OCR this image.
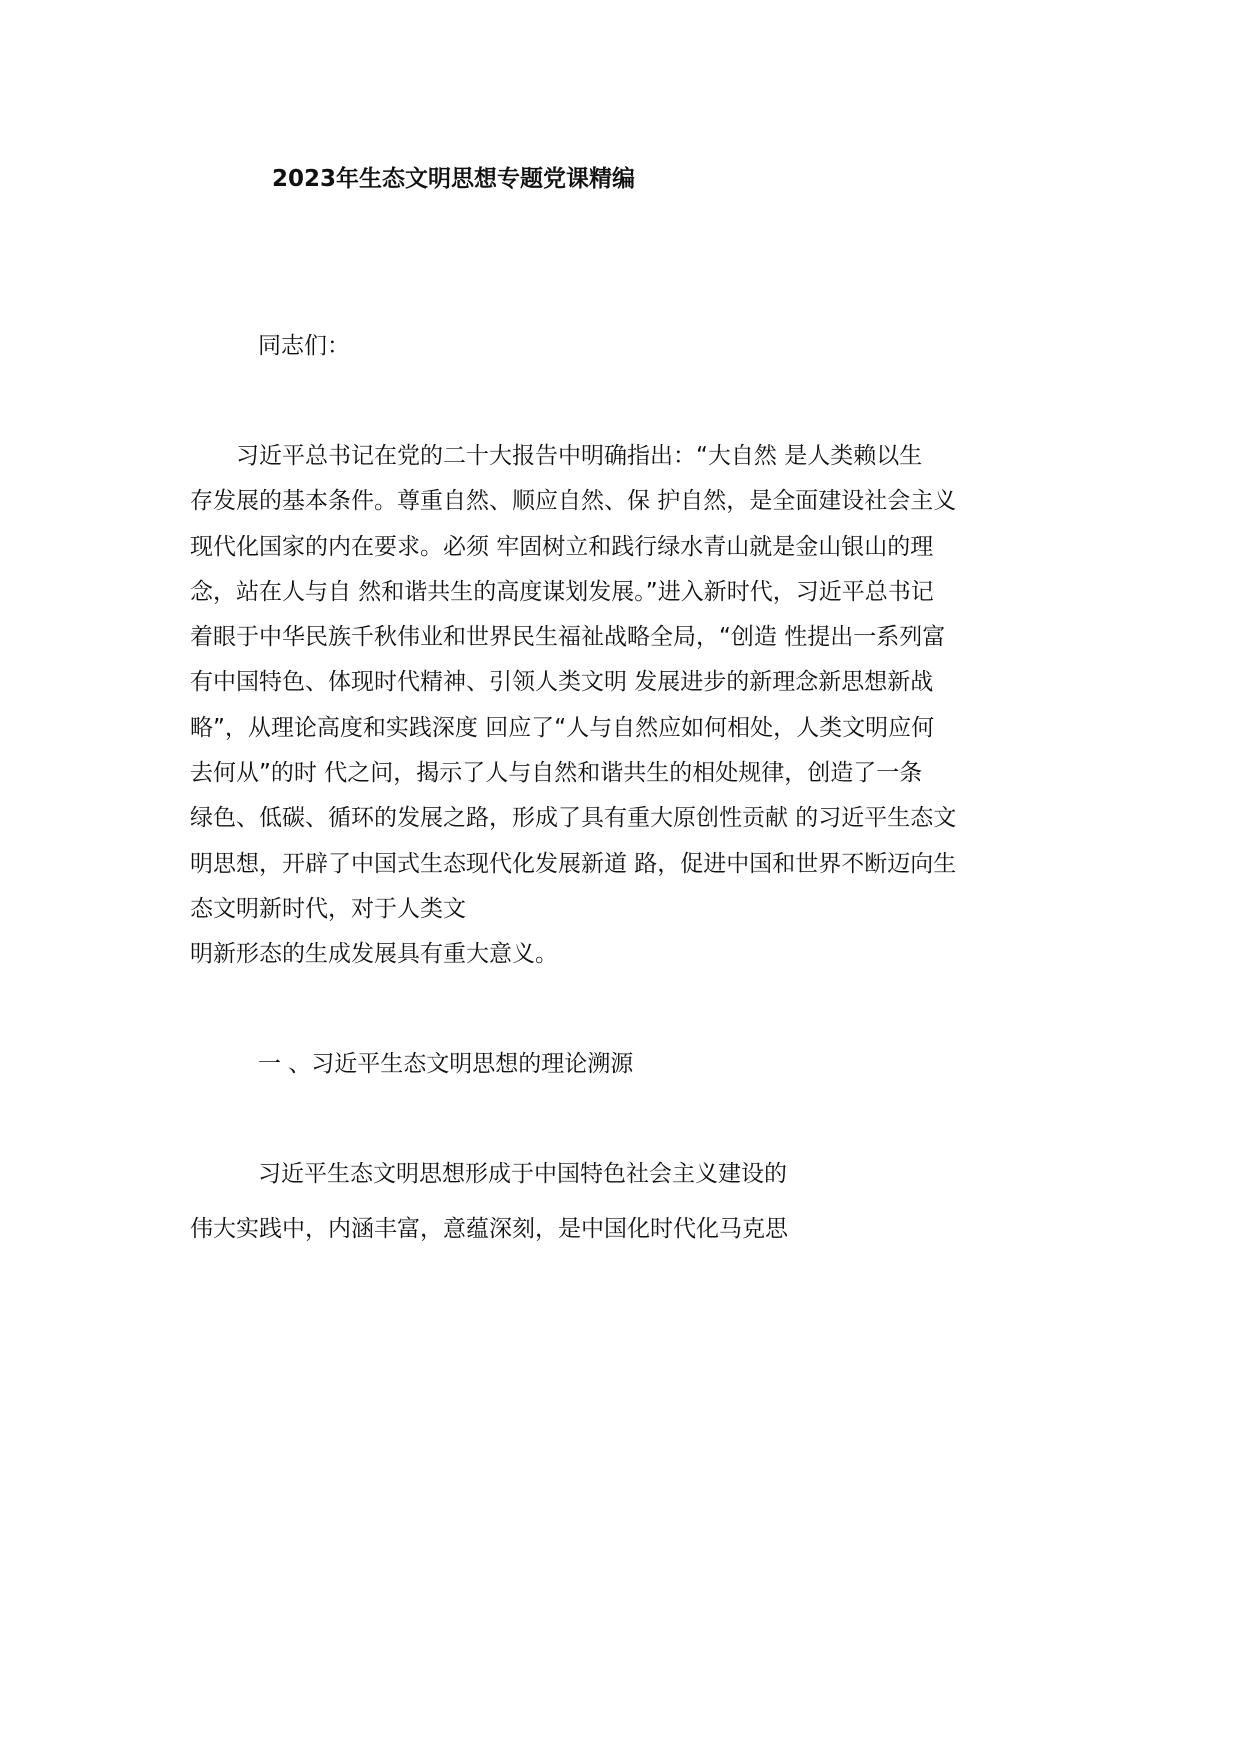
2023年生态文明思想专题党课精编
同志们：
　　习近平总书记在党的二十大报告中明确指出：“大自然 是人类赖以生
存发展的基本条件。尊重自然、顺应自然、保 护自然，是全面建设社会主义
现代化国家的内在要求。必须 牢固树立和践行绿水青山就是金山银山的理
念，站在人与自 然和谐共生的高度谋划发展。”进入新时代，习近平总书记
着眼于中华民族千秋伟业和世界民生福祉战略全局，“创造 性提出一系列富
有中国特色、体现时代精神、引领人类文明 发展进步的新理念新思想新战
略”，从理论高度和实践深度 回应了“人与自然应如何相处，人类文明应何
去何从”的时 代之问，揭示了人与自然和谐共生的相处规律，创造了一条
绿色、低碳、循环的发展之路，形成了具有重大原创性贡献 的习近平生态文
明思想，开辟了中国式生态现代化发展新道 路，促进中国和世界不断迈向生
态文明新时代，对于人类文
明新形态的生成发展具有重大意义。
一 、习近平生态文明思想的理论溯源
习近平生态文明思想形成于中国特色社会主义建设的
伟大实践中，内涵丰富，意蕴深刻，是中国化时代化马克思
